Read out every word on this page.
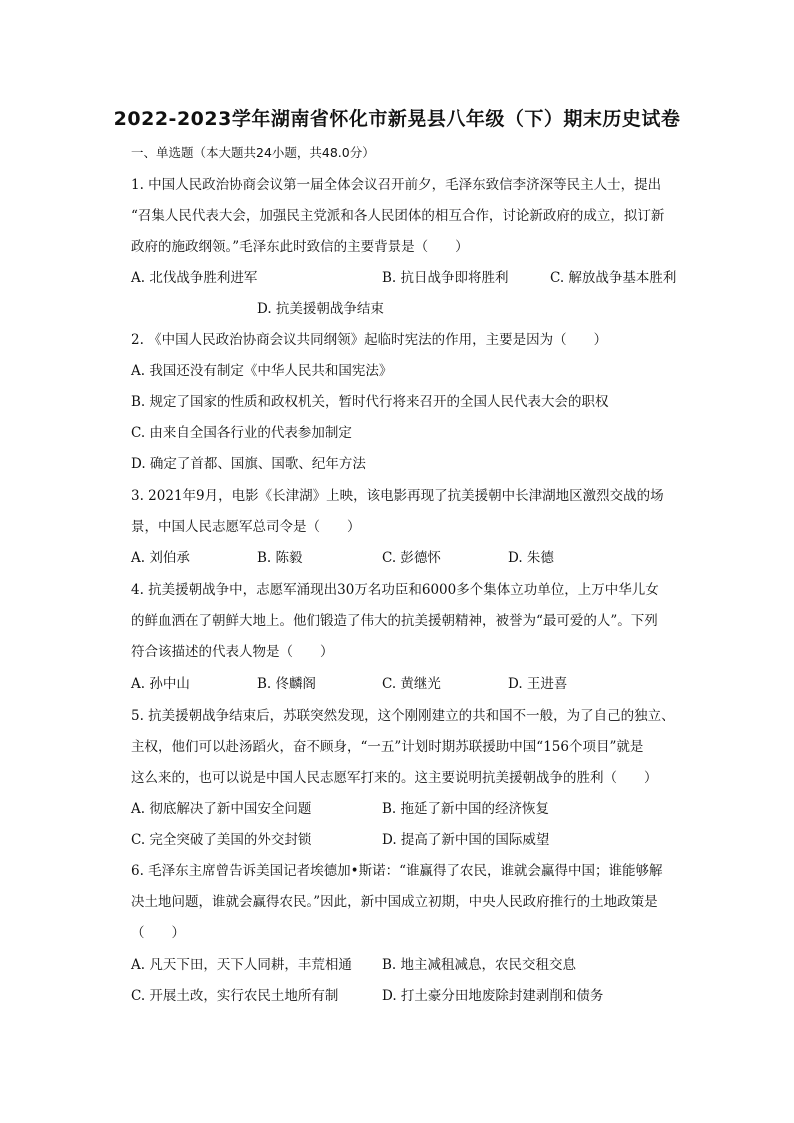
2022-2023学年湖南省怀化市新晃县八年级（下）期末历史试卷
一、单选题（本大题共24小题，共48.0分）
1. 中国人民政治协商会议第一届全体会议召开前夕，毛泽东致信李济深等民主人士，提出
“召集人民代表大会，加强民主党派和各人民团体的相互合作，讨论新政府的成立，拟订新
政府的施政纲领。”毛泽东此时致信的主要背景是（　　）
A. 北伐战争胜利进军	B. 抗日战争即将胜利	C. 解放战争基本胜利
D. 抗美援朝战争结束
2. 《中国人民政治协商会议共同纲领》起临时宪法的作用，主要是因为（　　）
A. 我国还没有制定《中华人民共和国宪法》
B. 规定了国家的性质和政权机关，暂时代行将来召开的全国人民代表大会的职权
C. 由来自全国各行业的代表参加制定
D. 确定了首都、国旗、国歌、纪年方法
3. 2021年9月，电影《长津湖》上映，该电影再现了抗美援朝中长津湖地区激烈交战的场
景，中国人民志愿军总司令是（　　）
A. 刘伯承	B. 陈毅	C. 彭德怀	D. 朱德
4. 抗美援朝战争中，志愿军涌现出30万名功臣和6000多个集体立功单位，上万中华儿女
的鲜血洒在了朝鲜大地上。他们锻造了伟大的抗美援朝精神，被誉为“最可爱的人”。下列
符合该描述的代表人物是（　　）
A. 孙中山	B. 佟麟阁	C. 黄继光	D. 王进喜
5. 抗美援朝战争结束后，苏联突然发现，这个刚刚建立的共和国不一般，为了自己的独立、
主权，他们可以赴汤蹈火，奋不顾身，“一五”计划时期苏联援助中国“156个项目”就是
这么来的，也可以说是中国人民志愿军打来的。这主要说明抗美援朝战争的胜利（　　）
A. 彻底解决了新中国安全问题	B. 拖延了新中国的经济恢复
C. 完全突破了美国的外交封锁	D. 提高了新中国的国际威望
6. 毛泽东主席曾告诉美国记者埃德加•斯诺：“谁赢得了农民，谁就会赢得中国；谁能够解
决土地问题，谁就会赢得农民。”因此，新中国成立初期，中央人民政府推行的土地政策是
（　　）
A. 凡天下田，天下人同耕，丰荒相通 B. 地主减租减息，农民交租交息
C. 开展土改，实行农民土地所有制	D. 打土豪分田地废除封建剥削和债务
